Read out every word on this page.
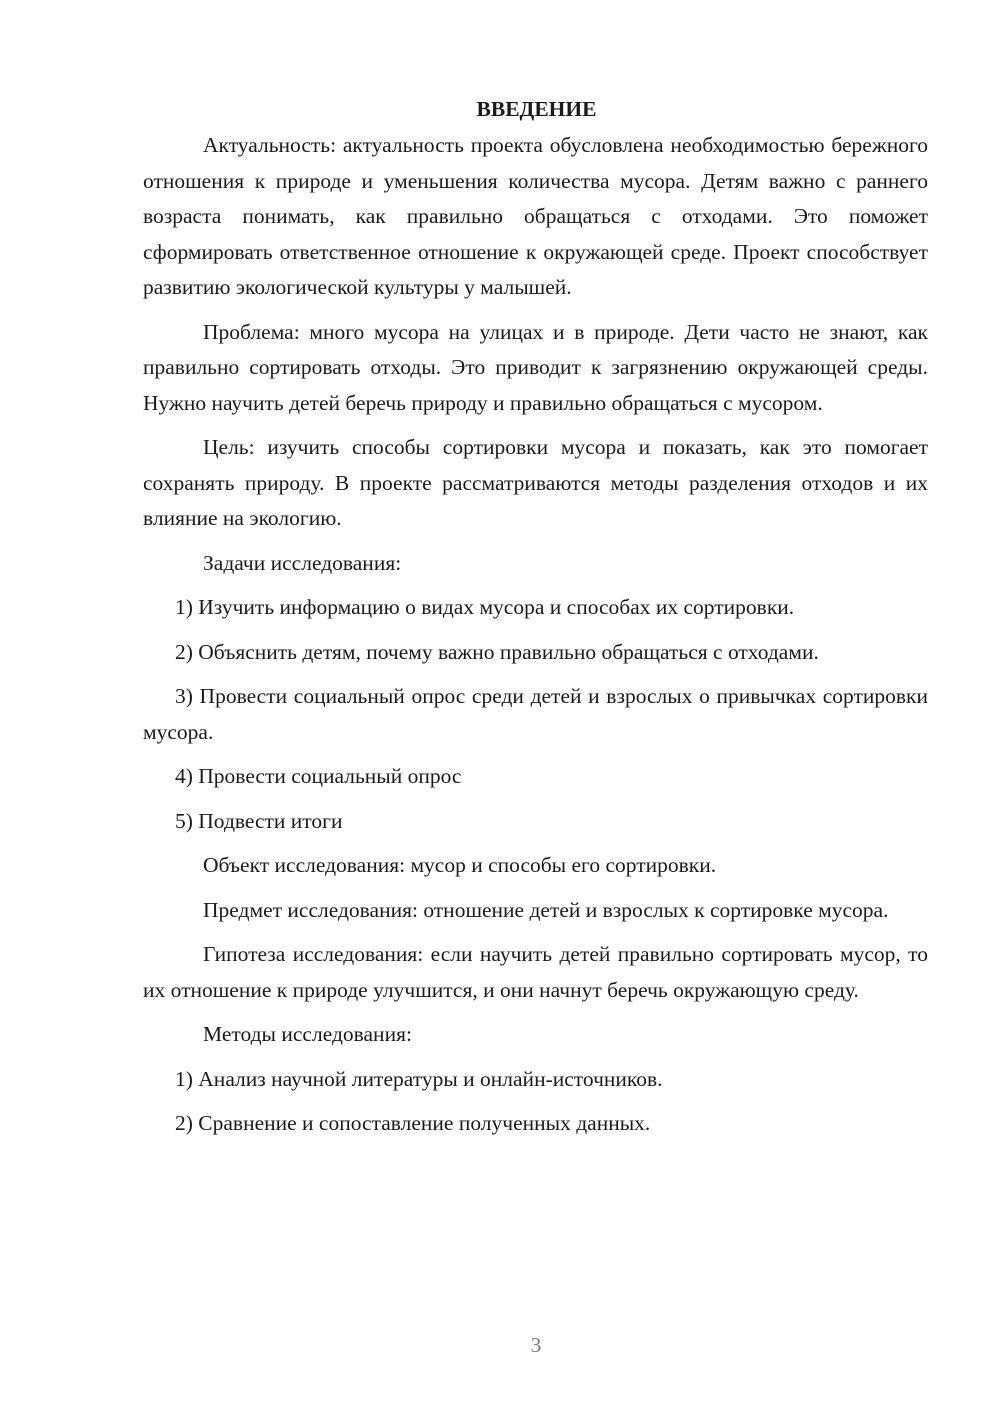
ВВЕДЕНИЕ

Актуальность: актуальность проекта обусловлена необходимостью бережного отношения к природе и уменьшения количества мусора. Детям важно с раннего возраста понимать, как правильно обращаться с отходами. Это поможет сформировать ответственное отношение к окружающей среде. Проект способствует развитию экологической культуры у малышей.

Проблема: много мусора на улицах и в природе. Дети часто не знают, как правильно сортировать отходы. Это приводит к загрязнению окружающей среды. Нужно научить детей беречь природу и правильно обращаться с мусором.

Цель: изучить способы сортировки мусора и показать, как это помогает сохранять природу. В проекте рассматриваются методы разделения отходов и их влияние на экологию.

Задачи исследования:

1) Изучить информацию о видах мусора и способах их сортировки.

2) Объяснить детям, почему важно правильно обращаться с отходами.

3) Провести социальный опрос среди детей и взрослых о привычках сортировки мусора.

4) Провести социальный опрос

5) Подвести итоги

Объект исследования: мусор и способы его сортировки.

Предмет исследования: отношение детей и взрослых к сортировке мусора.

Гипотеза исследования: если научить детей правильно сортировать мусор, то их отношение к природе улучшится, и они начнут беречь окружающую среду.

Методы исследования:

1) Анализ научной литературы и онлайн-источников.

2) Сравнение и сопоставление полученных данных.

3
